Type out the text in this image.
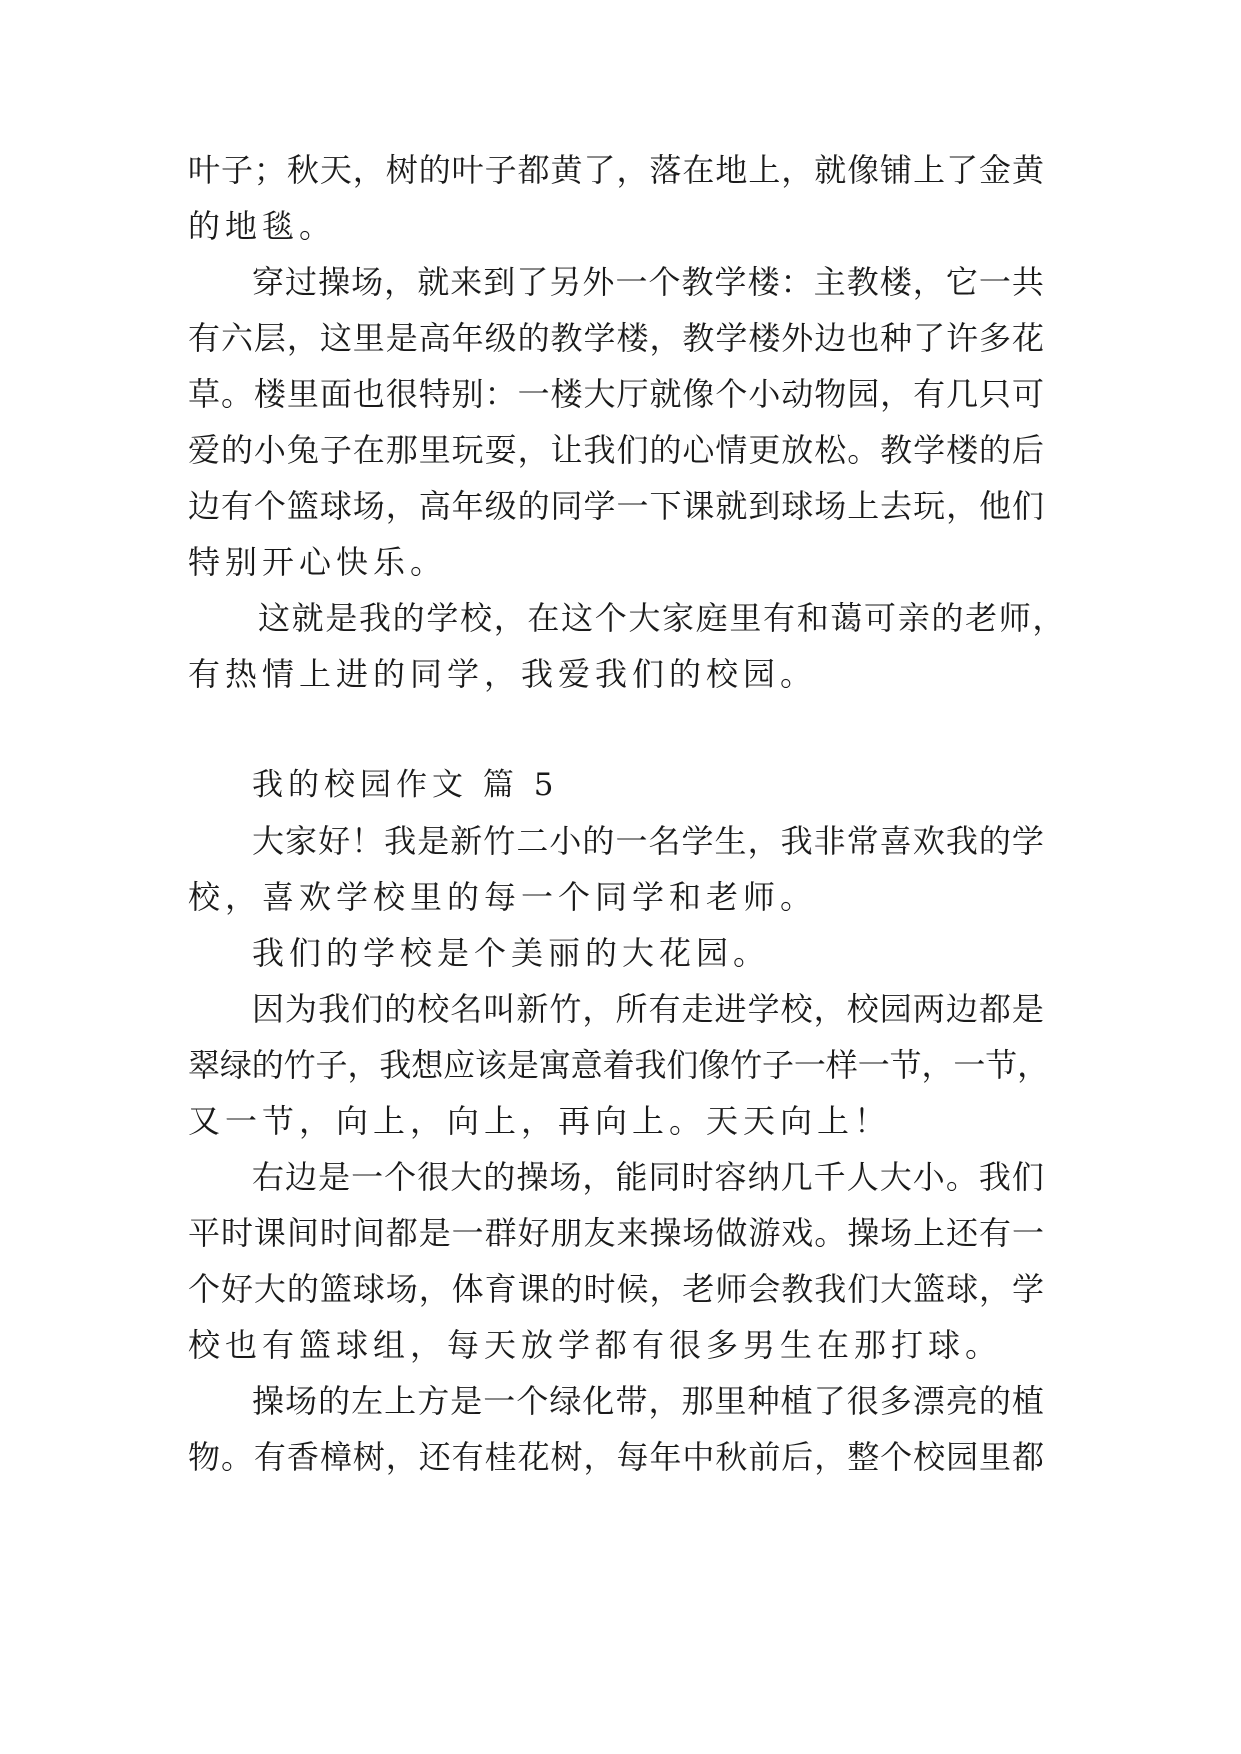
叶子；秋天，树的叶子都黄了，落在地上，就像铺上了金黄

的地毯。

穿过操场，就来到了另外一个教学楼：主教楼，它一共

有六层，这里是高年级的教学楼，教学楼外边也种了许多花

草。楼里面也很特别：一楼大厅就像个小动物园，有几只可

爱的小兔子在那里玩耍，让我们的心情更放松。教学楼的后

边有个篮球场，高年级的同学一下课就到球场上去玩，他们

特别开心快乐。

这就是我的学校，在这个大家庭里有和蔼可亲的老师，

有热情上进的同学，我爱我们的校园。

我的校园作文 篇 5

大家好！我是新竹二小的一名学生，我非常喜欢我的学

校，喜欢学校里的每一个同学和老师。

我们的学校是个美丽的大花园。

因为我们的校名叫新竹，所有走进学校，校园两边都是

翠绿的竹子，我想应该是寓意着我们像竹子一样一节，一节，

又一节，向上，向上，再向上。天天向上！

右边是一个很大的操场，能同时容纳几千人大小。我们

平时课间时间都是一群好朋友来操场做游戏。操场上还有一

个好大的篮球场，体育课的时候，老师会教我们大篮球，学

校也有篮球组，每天放学都有很多男生在那打球。

操场的左上方是一个绿化带，那里种植了很多漂亮的植

物。有香樟树，还有桂花树，每年中秋前后，整个校园里都
